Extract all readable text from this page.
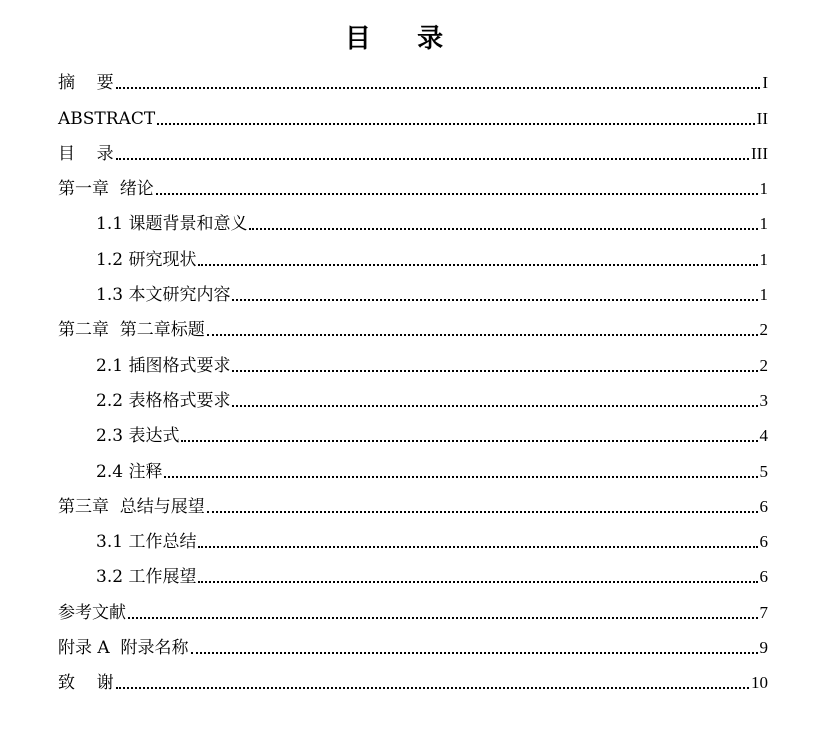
目    录
摘    要	I
ABSTRACT	II
目    录	III
第一章  绪论	1
1.1 课题背景和意义	1
1.2 研究现状	1
1.3 本文研究内容	1
第二章  第二章标题	2
2.1 插图格式要求	2
2.2 表格格式要求	3
2.3 表达式	4
2.4 注释	5
第三章  总结与展望	6
3.1 工作总结	6
3.2 工作展望	6
参考文献	7
附录 A  附录名称	9
致    谢	10
